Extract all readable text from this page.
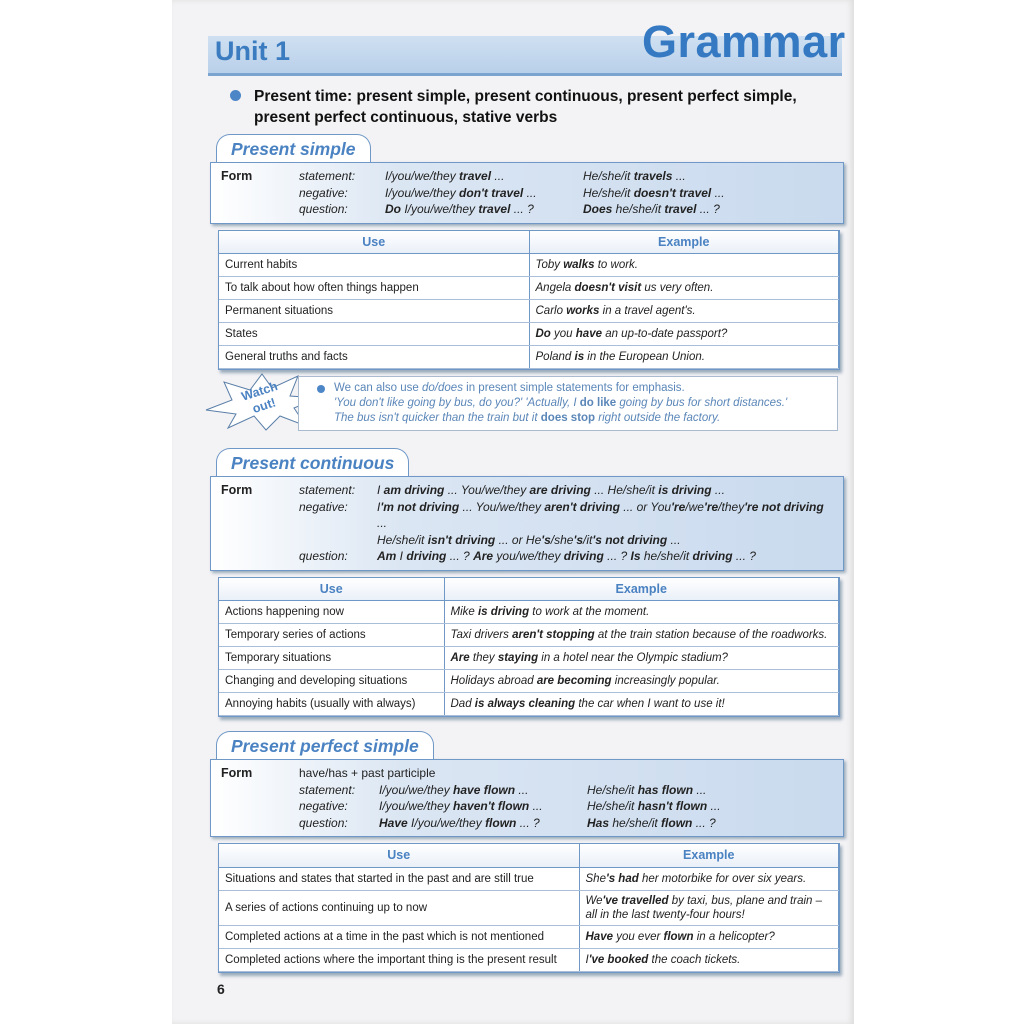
Unit 1	Grammar
Present time: present simple, present continuous, present perfect simple, present perfect continuous, stative verbs
Present simple
Form	statement:	I/you/we/they travel ...	He/she/it travels ...
negative:	I/you/we/they don't travel ...	He/she/it doesn't travel ...
question:	Do I/you/we/they travel ... ?	Does he/she/it travel ... ?
Use	Example
Current habits	Toby walks to work.
To talk about how often things happen	Angela doesn't visit us very often.
Permanent situations	Carlo works in a travel agent's.
States	Do you have an up-to-date passport?
General truths and facts	Poland is in the European Union.
Watch out!
We can also use do/does in present simple statements for emphasis.
'You don't like going by bus, do you?' 'Actually, I do like going by bus for short distances.'
The bus isn't quicker than the train but it does stop right outside the factory.
Present continuous
Form	statement:	I am driving ... You/we/they are driving ... He/she/it is driving ...
negative:	I'm not driving ... You/we/they aren't driving ... or You're/we're/they're not driving ...
He/she/it isn't driving ... or He's/she's/it's not driving ...
question:	Am I driving ... ? Are you/we/they driving ... ? Is he/she/it driving ... ?
Use	Example
Actions happening now	Mike is driving to work at the moment.
Temporary series of actions	Taxi drivers aren't stopping at the train station because of the roadworks.
Temporary situations	Are they staying in a hotel near the Olympic stadium?
Changing and developing situations	Holidays abroad are becoming increasingly popular.
Annoying habits (usually with always)	Dad is always cleaning the car when I want to use it!
Present perfect simple
Form	have/has + past participle
statement:	I/you/we/they have flown ...	He/she/it has flown ...
negative:	I/you/we/they haven't flown ...	He/she/it hasn't flown ...
question:	Have I/you/we/they flown ... ?	Has he/she/it flown ... ?
Use	Example
Situations and states that started in the past and are still true	She's had her motorbike for over six years.
A series of actions continuing up to now	We've travelled by taxi, bus, plane and train – all in the last twenty-four hours!
Completed actions at a time in the past which is not mentioned	Have you ever flown in a helicopter?
Completed actions where the important thing is the present result	I've booked the coach tickets.
6
